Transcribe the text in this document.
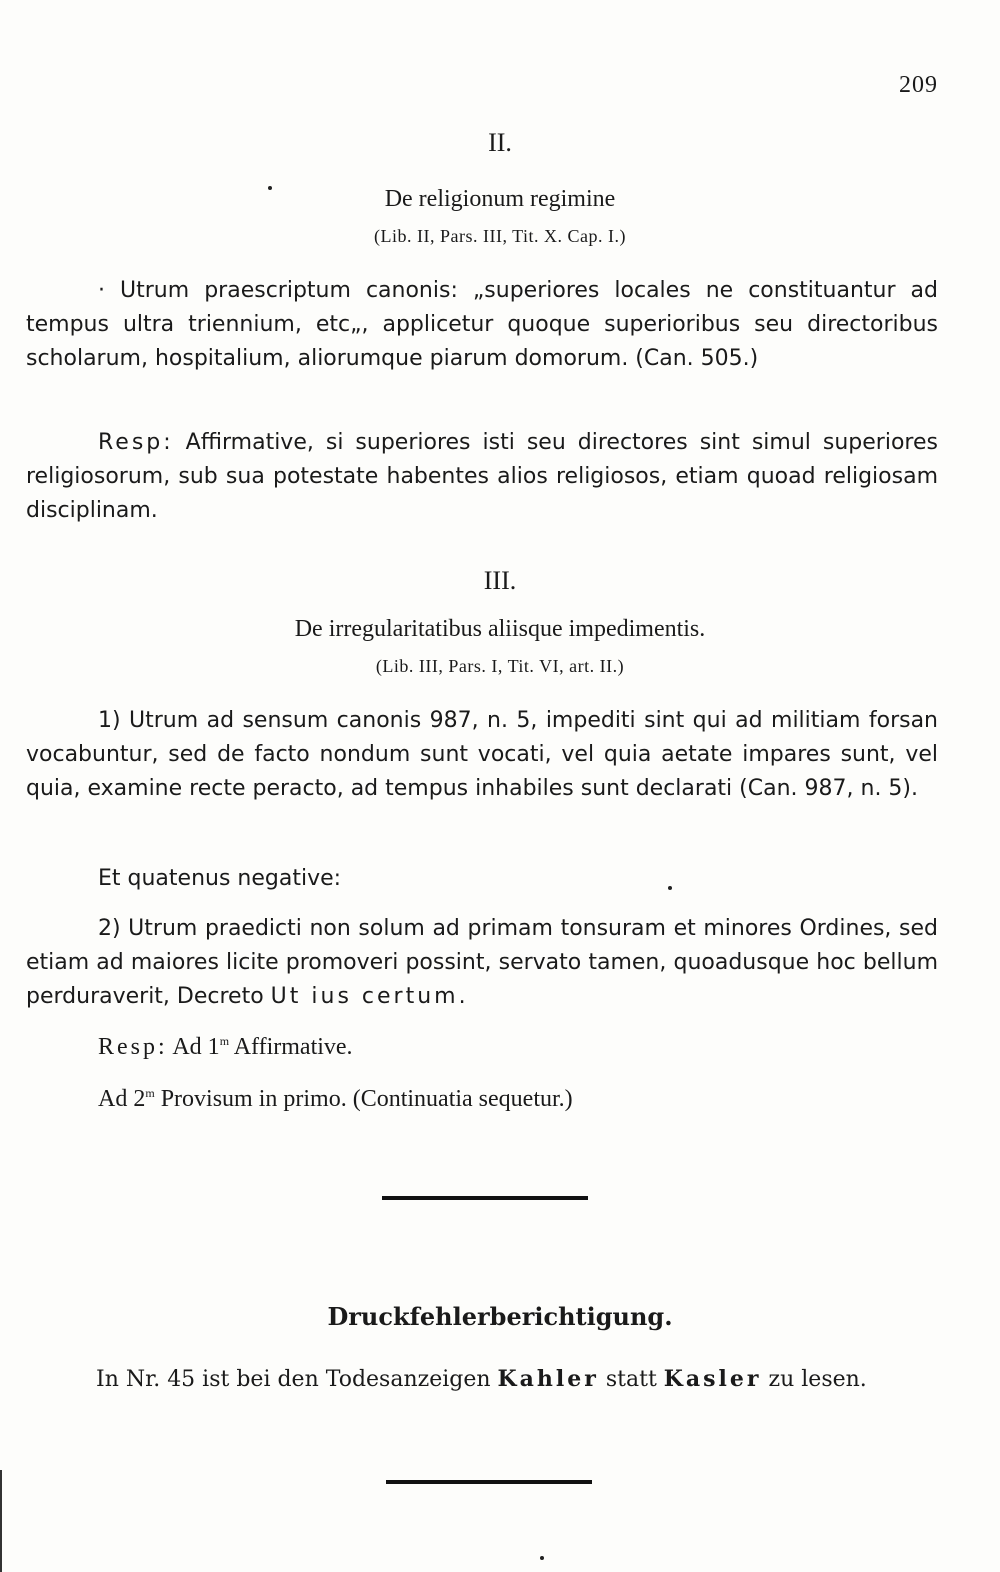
209
II.
De religionum regimine
(Lib. II, Pars. III, Tit. X. Cap. I.)
· Utrum praescriptum canonis: „superiores locales ne constituantur ad tempus ultra triennium, etc„, applicetur quoque superioribus seu directoribus scholarum, hospitalium, aliorumque piarum domorum. (Can. 505.)
Resp: Affirmative, si superiores isti seu directores sint simul superiores religiosorum, sub sua potestate habentes alios religiosos, etiam quoad religiosam disciplinam.
III.
De irregularitatibus aliisque impedimentis.
(Lib. III, Pars. I, Tit. VI, art. II.)
1) Utrum ad sensum canonis 987, n. 5, impediti sint qui ad militiam forsan vocabuntur, sed de facto nondum sunt vocati, vel quia aetate impares sunt, vel quia, examine recte peracto, ad tempus inhabiles sunt declarati (Can. 987, n. 5).
Et quatenus negative:
2) Utrum praedicti non solum ad primam tonsuram et minores Ordines, sed etiam ad maiores licite promoveri possint, servato tamen, quoadusque hoc bellum perduraverit, Decreto Ut ius certum.
Resp: Ad 1$^m$ Affirmative.
Ad 2$^m$ Provisum in primo. (Continuatia sequetur.)
Druckfehlerberichtigung.
In Nr. 45 ist bei den Todesanzeigen Kahler statt Kasler zu lesen.
